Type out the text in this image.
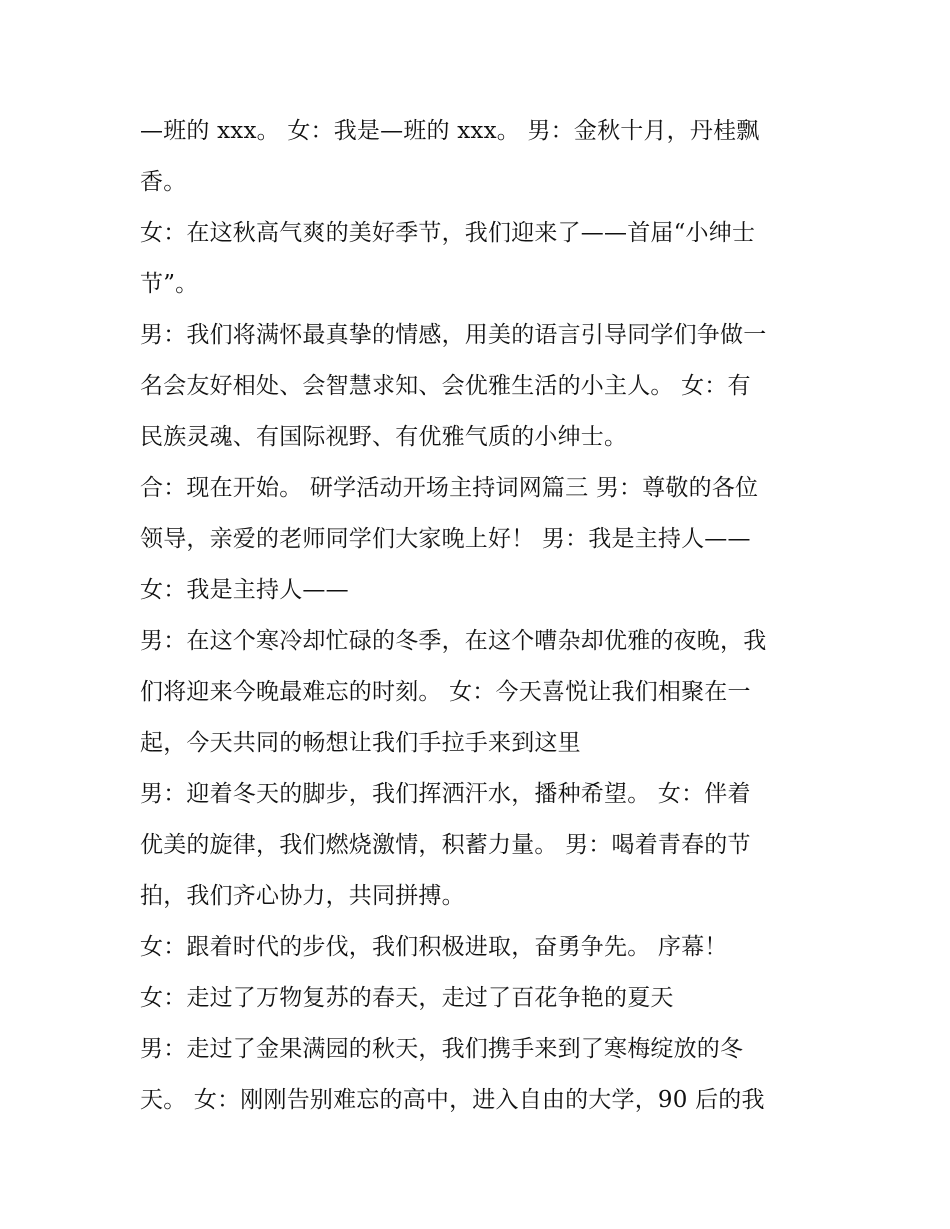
—班的 xxx。 女：我是—班的 xxx。 男：金秋十月，丹桂飘
香。
女：在这秋高气爽的美好季节，我们迎来了——首届“小绅士
节”。
男：我们将满怀最真挚的情感，用美的语言引导同学们争做一
名会友好相处、会智慧求知、会优雅生活的小主人。 女：有
民族灵魂、有国际视野、有优雅气质的小绅士。
合：现在开始。 研学活动开场主持词网篇三 男：尊敬的各位
领导，亲爱的老师同学们大家晚上好！ 男：我是主持人——
女：我是主持人——
男：在这个寒冷却忙碌的冬季，在这个嘈杂却优雅的夜晚，我
们将迎来今晚最难忘的时刻。 女：今天喜悦让我们相聚在一
起，今天共同的畅想让我们手拉手来到这里
男：迎着冬天的脚步，我们挥洒汗水，播种希望。 女：伴着
优美的旋律，我们燃烧激情，积蓄力量。 男：喝着青春的节
拍，我们齐心协力，共同拼搏。
女：跟着时代的步伐，我们积极进取，奋勇争先。 序幕！
女：走过了万物复苏的春天，走过了百花争艳的夏天
男：走过了金果满园的秋天，我们携手来到了寒梅绽放的冬
天。 女：刚刚告别难忘的高中，进入自由的大学，90 后的我
